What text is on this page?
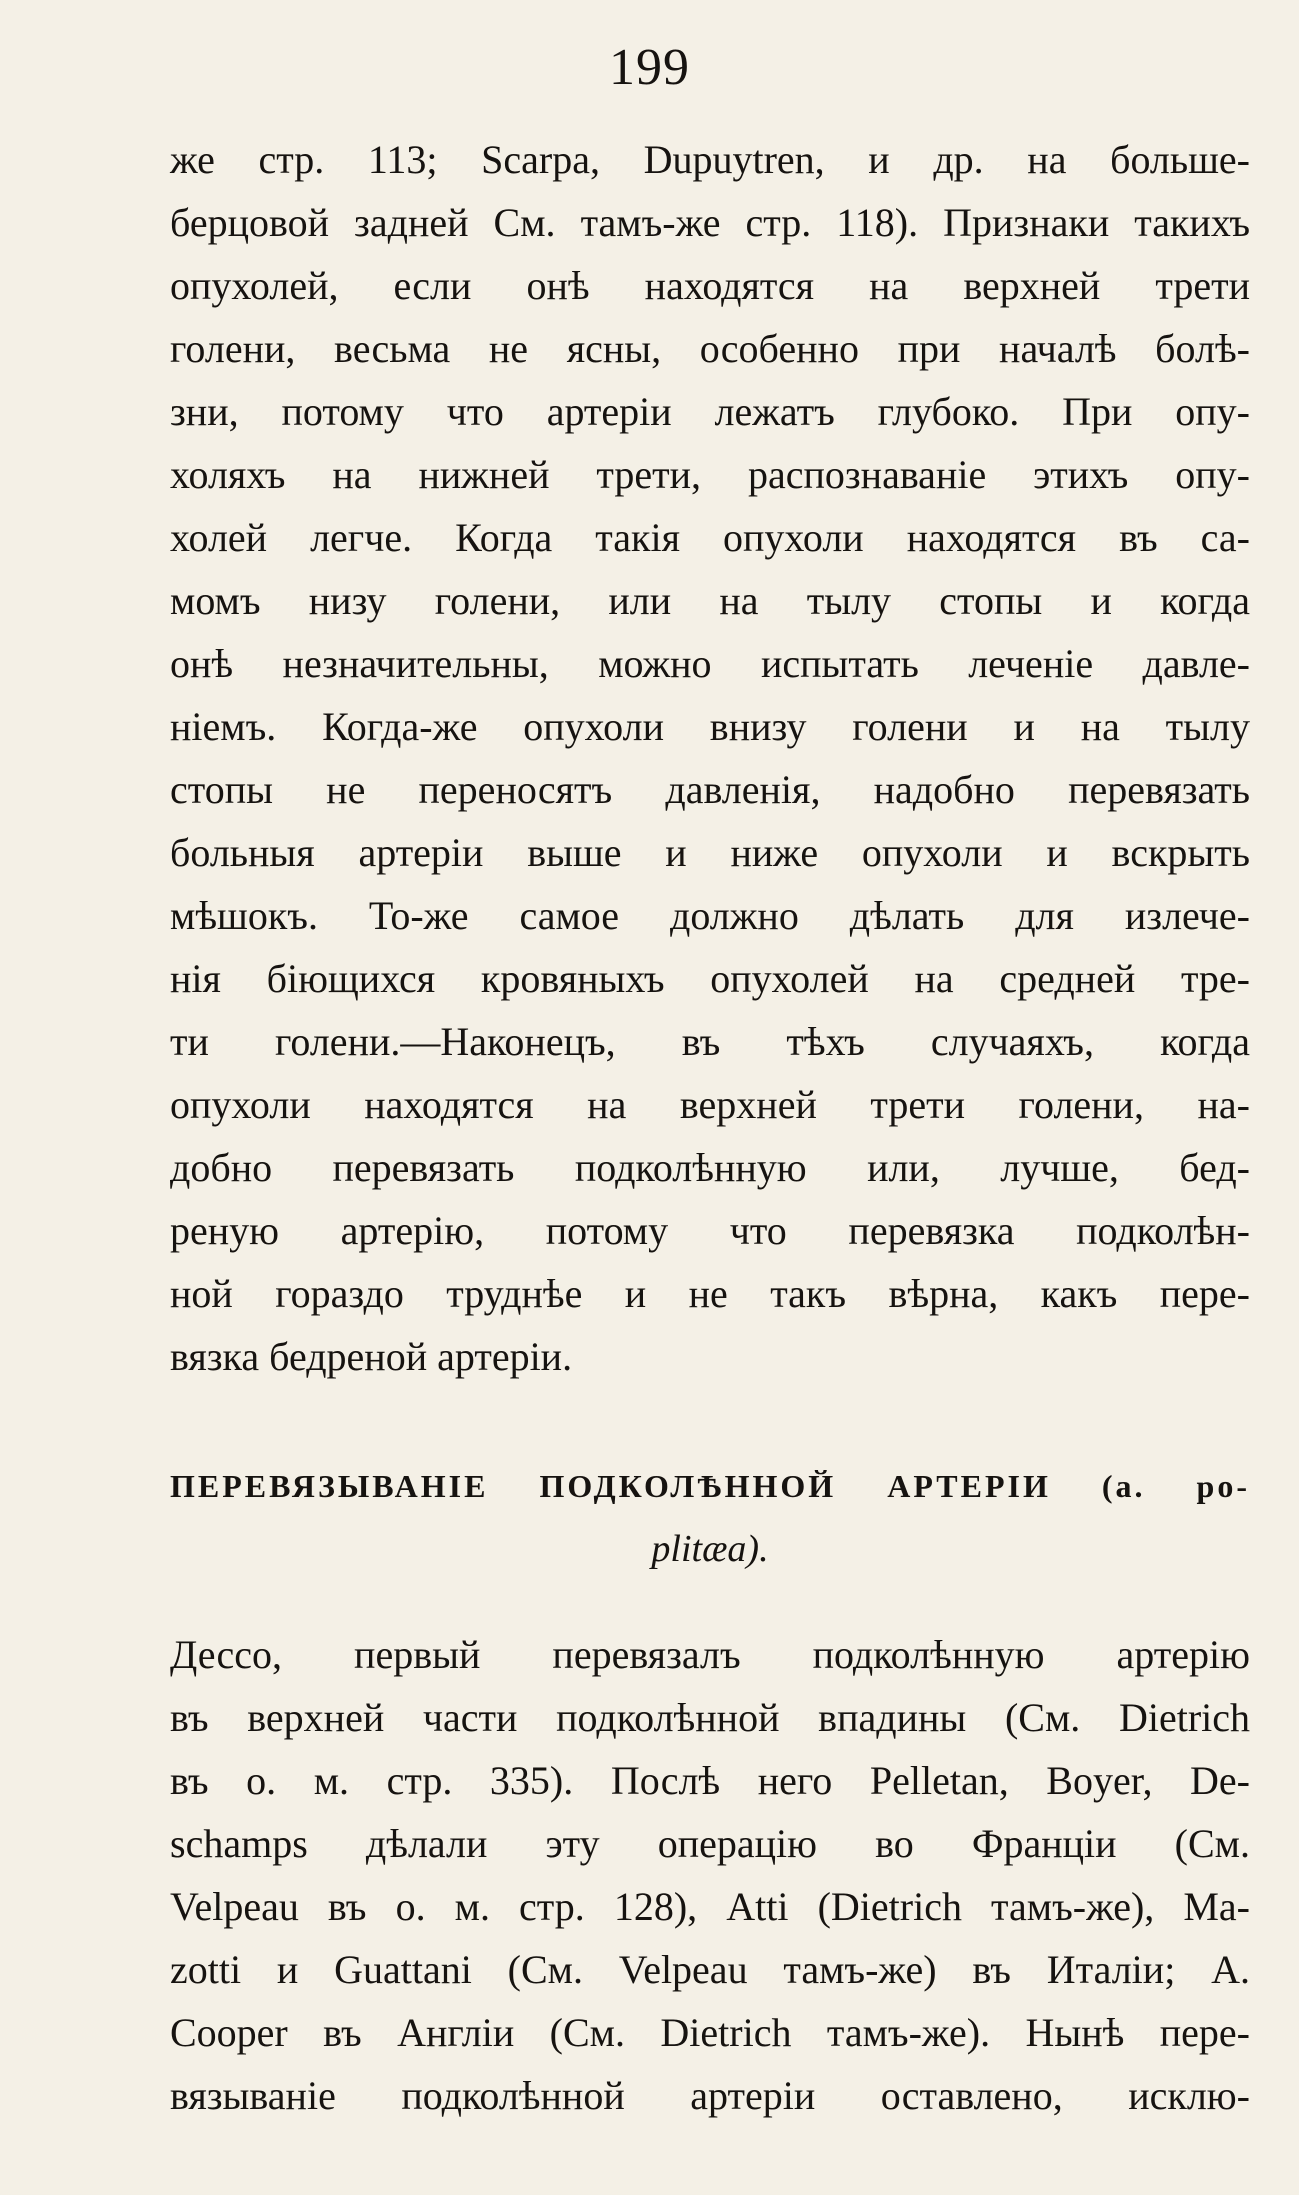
199
же стр. 113; Scarpa, Dupuytren, и др. на больше-
берцовой задней См. тамъ-же стр. 118). Признаки такихъ
опухолей, если онѣ находятся на верхней трети
голени, весьма не ясны, особенно при началѣ болѣ-
зни, потому что артеріи лежатъ глубоко. При опу-
холяхъ на нижней трети, распознаваніе этихъ опу-
холей легче. Когда такія опухоли находятся въ са-
момъ низу голени, или на тылу стопы и когда
онѣ незначительны, можно испытать леченіе давле-
ніемъ. Когда-же опухоли внизу голени и на тылу
стопы не переносятъ давленія, надобно перевязать
больныя артеріи выше и ниже опухоли и вскрыть
мѣшокъ. То-же самое должно дѣлать для излече-
нія біющихся кровяныхъ опухолей на средней тре-
ти голени.—Наконецъ, въ тѣхъ случаяхъ, когда
опухоли находятся на верхней трети голени, на-
добно перевязать подколѣнную или, лучше, бед-
реную артерію, потому что перевязка подколѣн-
ной гораздо труднѣе и не такъ вѣрна, какъ пере-
вязка бедреной артеріи.
ПЕРЕВЯЗЫВАНІЕ ПОДКОЛѢННОЙ АРТЕРІИ (a. po-
plitæa).
Дессо, первый перевязалъ подколѣнную артерію
въ верхней части подколѣнной впадины (См. Dietrich
въ о. м. стр. 335). Послѣ него Pelletan, Boyer, De-
schamps дѣлали эту операцію во Франціи (См.
Velpeau въ о. м. стр. 128), Atti (Dietrich тамъ-же), Ma-
zotti и Guattani (См. Velpeau тамъ-же) въ Италіи; A.
Cooper въ Англіи (См. Dietrich тамъ-же). Нынѣ пере-
вязываніе подколѣнной артеріи оставлено, исклю-
